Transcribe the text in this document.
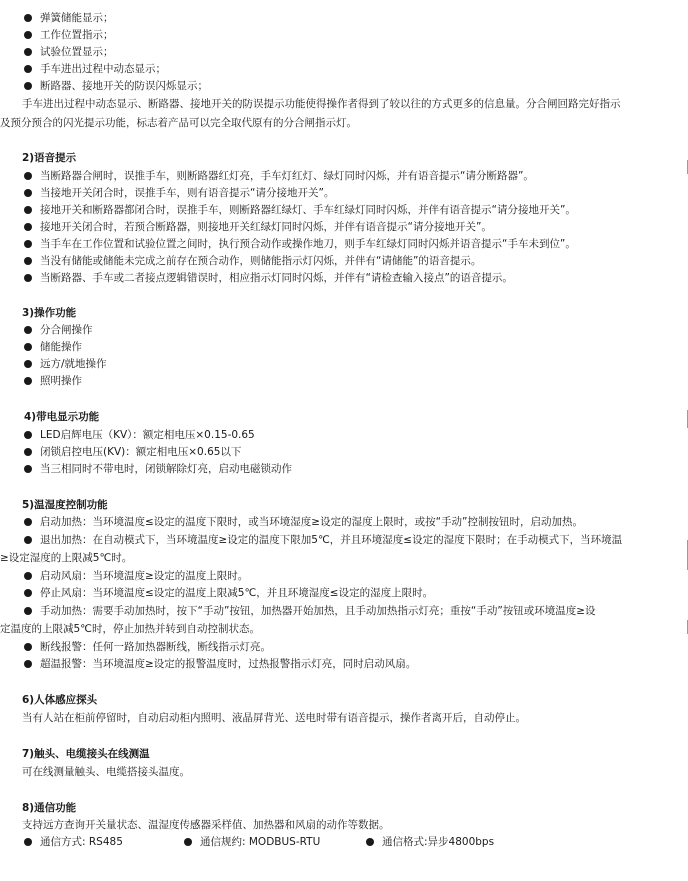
弹簧储能显示；
工作位置指示；
试验位置显示；
手车进出过程中动态显示；
断路器、接地开关的防误闪烁显示；
手车进出过程中动态显示、断路器、接地开关的防误提示功能使得操作者得到了较以往的方式更多的信息量。分合闸回路完好指示
及预分预合的闪光提示功能，标志着产品可以完全取代原有的分合闸指示灯。
2)语音提示
当断路器合闸时，误推手车，则断路器红灯亮，手车灯红灯、绿灯同时闪烁，并有语音提示“请分断路器”。
当接地开关闭合时，误推手车，则有语音提示“请分接地开关”。
接地开关和断路器都闭合时，误推手车，则断路器红绿灯、手车红绿灯同时闪烁，并伴有语音提示“请分接地开关”。
接地开关闭合时，若预合断路器，则接地开关红绿灯同时闪烁，并伴有语音提示“请分接地开关”。
当手车在工作位置和试验位置之间时，执行预合动作或操作地刀，则手车红绿灯同时闪烁并语音提示“手车未到位”。
当没有储能或储能未完成之前存在预合动作，则储能指示灯闪烁，并伴有“请储能”的语音提示。
当断路器、手车或二者接点逻辑错误时，相应指示灯同时闪烁，并伴有“请检查输入接点”的语音提示。
3)操作功能
分合闸操作
储能操作
远方/就地操作
照明操作
4)带电显示功能
LED启辉电压（KV）：额定相电压×0.15-0.65
闭锁启控电压(KV)：额定相电压×0.65以下
当三相同时不带电时，闭锁解除灯亮，启动电磁锁动作
5)温湿度控制功能
启动加热：当环境温度≤设定的温度下限时，或当环境湿度≥设定的湿度上限时，或按“手动”控制按钮时，启动加热。
退出加热：在自动模式下，当环境温度≥设定的温度下限加5℃，并且环境湿度≤设定的湿度下限时；在手动模式下，当环境温
≥设定湿度的上限减5℃时。
启动风扇：当环境温度≥设定的温度上限时。
停止风扇：当环境温度≤设定的温度上限减5℃，并且环境湿度≤设定的湿度上限时。
手动加热：需要手动加热时，按下“手动”按钮，加热器开始加热，且手动加热指示灯亮；重按“手动”按钮或环境温度≥设
定温度的上限减5℃时，停止加热并转到自动控制状态。
断线报警：任何一路加热器断线，断线指示灯亮。
超温报警：当环境温度≥设定的报警温度时，过热报警指示灯亮，同时启动风扇。
6)人体感应探头
当有人站在柜前停留时，自动启动柜内照明、液晶屏背光、送电时带有语音提示，操作者离开后，自动停止。
7)触头、电缆接头在线测温
可在线测量触头、电缆搭接头温度。
8)通信功能
支持远方查询开关量状态、温湿度传感器采样值、加热器和风扇的动作等数据。
通信方式: RS485	通信规约: MODBUS-RTU	通信格式:异步4800bps
